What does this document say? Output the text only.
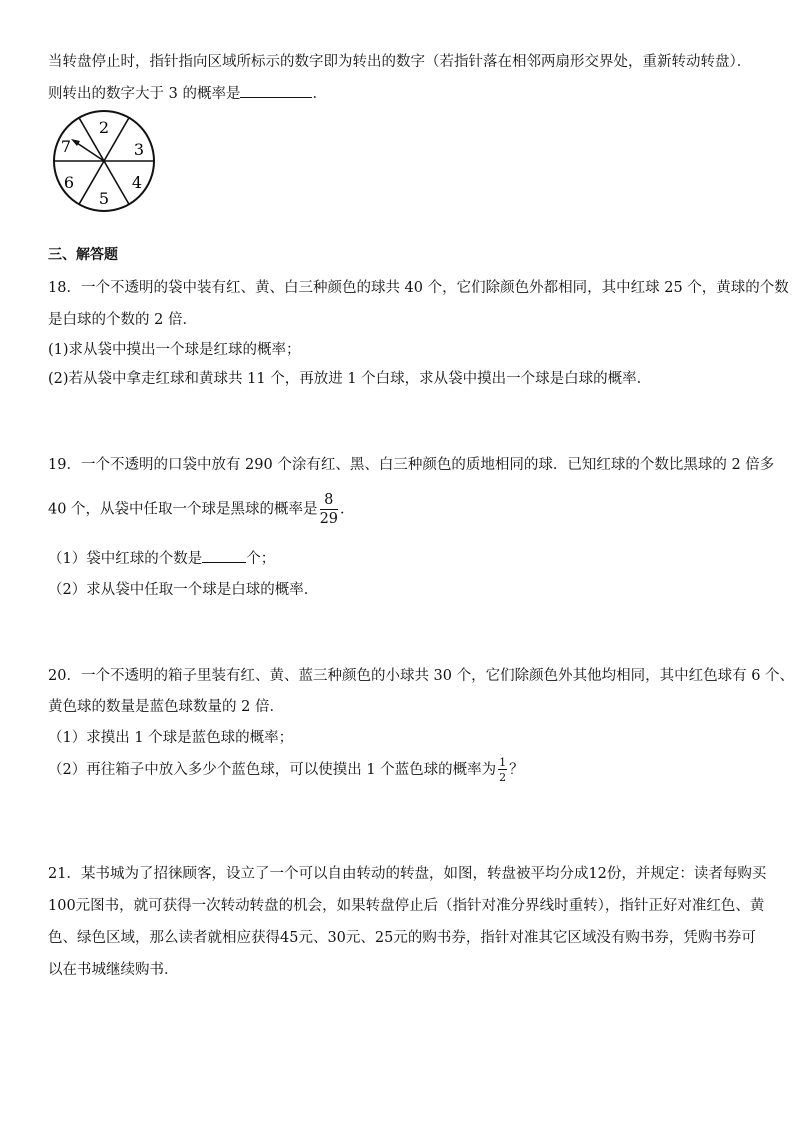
当转盘停止时，指针指向区域所标示的数字即为转出的数字（若指针落在相邻两扇形交界处，重新转动转盘）．
则转出的数字大于 3 的概率是	．
2
3
4
5
6
7
三、解答题
18．一个不透明的袋中装有红、黄、白三种颜色的球共 40 个，它们除颜色外都相同，其中红球 25 个，黄球的个数
是白球的个数的 2 倍．
(1)求从袋中摸出一个球是红球的概率；
(2)若从袋中拿走红球和黄球共 11 个，再放进 1 个白球，求从袋中摸出一个球是白球的概率．
19．一个不透明的口袋中放有 290 个涂有红、黑、白三种颜色的质地相同的球．已知红球的个数比黑球的 2 倍多
40 个，从袋中任取一个球是黑球的概率是 $\frac{8}{29}$ ．
（1）袋中红球的个数是	个；
（2）求从袋中任取一个球是白球的概率．
20．一个不透明的箱子里装有红、黄、蓝三种颜色的小球共 30 个，它们除颜色外其他均相同，其中红色球有 6 个、
黄色球的数量是蓝色球数量的 2 倍．
（1）求摸出 1 个球是蓝色球的概率；
（2）再往箱子中放入多少个蓝色球，可以使摸出 1 个蓝色球的概率为 $\frac{1}{2}$ ？
21．某书城为了招徕顾客，设立了一个可以自由转动的转盘，如图，转盘被平均分成12份，并规定：读者每购买
100元图书，就可获得一次转动转盘的机会，如果转盘停止后（指针对准分界线时重转），指针正好对准红色、黄
色、绿色区域，那么读者就相应获得45元、30元、25元的购书券，指针对准其它区域没有购书券，凭购书券可
以在书城继续购书．
